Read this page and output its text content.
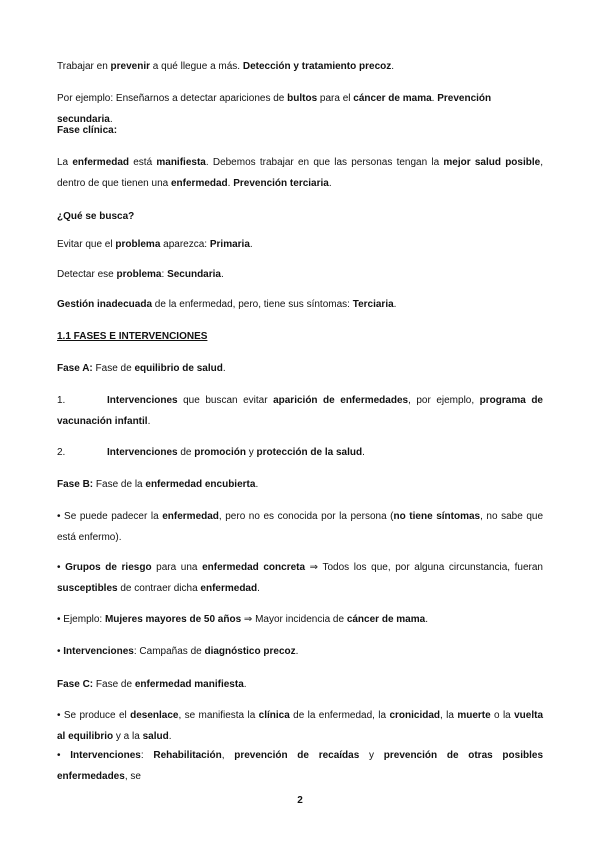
Trabajar en prevenir a qué llegue a más. Detección y tratamiento precoz.

Por ejemplo: Enseñarnos a detectar apariciones de bultos para el cáncer de mama. Prevención secundaria.

Fase clínica:

La enfermedad está manifiesta. Debemos trabajar en que las personas tengan la mejor salud posible, dentro de que tienen una enfermedad. Prevención terciaria.

¿Qué se busca?

Evitar que el problema aparezca: Primaria.

Detectar ese problema: Secundaria.

Gestión inadecuada de la enfermedad, pero, tiene sus síntomas: Terciaria.

1.1 FASES E INTERVENCIONES

Fase A: Fase de equilibrio de salud.

1.	Intervenciones que buscan evitar aparición de enfermedades, por ejemplo, programa de vacunación infantil.

2.	Intervenciones de promoción y protección de la salud.

Fase B: Fase de la enfermedad encubierta.

• Se puede padecer la enfermedad, pero no es conocida por la persona (no tiene síntomas, no sabe que está enfermo).

• Grupos de riesgo para una enfermedad concreta ⇒ Todos los que, por alguna circunstancia, fueran susceptibles de contraer dicha enfermedad.

• Ejemplo: Mujeres mayores de 50 años ⇒ Mayor incidencia de cáncer de mama.

• Intervenciones: Campañas de diagnóstico precoz.

Fase C: Fase de enfermedad manifiesta.

• Se produce el desenlace, se manifiesta la clínica de la enfermedad, la cronicidad, la muerte o la vuelta al equilibrio y a la salud.

• Intervenciones: Rehabilitación, prevención de recaídas y prevención de otras posibles enfermedades, se

2
